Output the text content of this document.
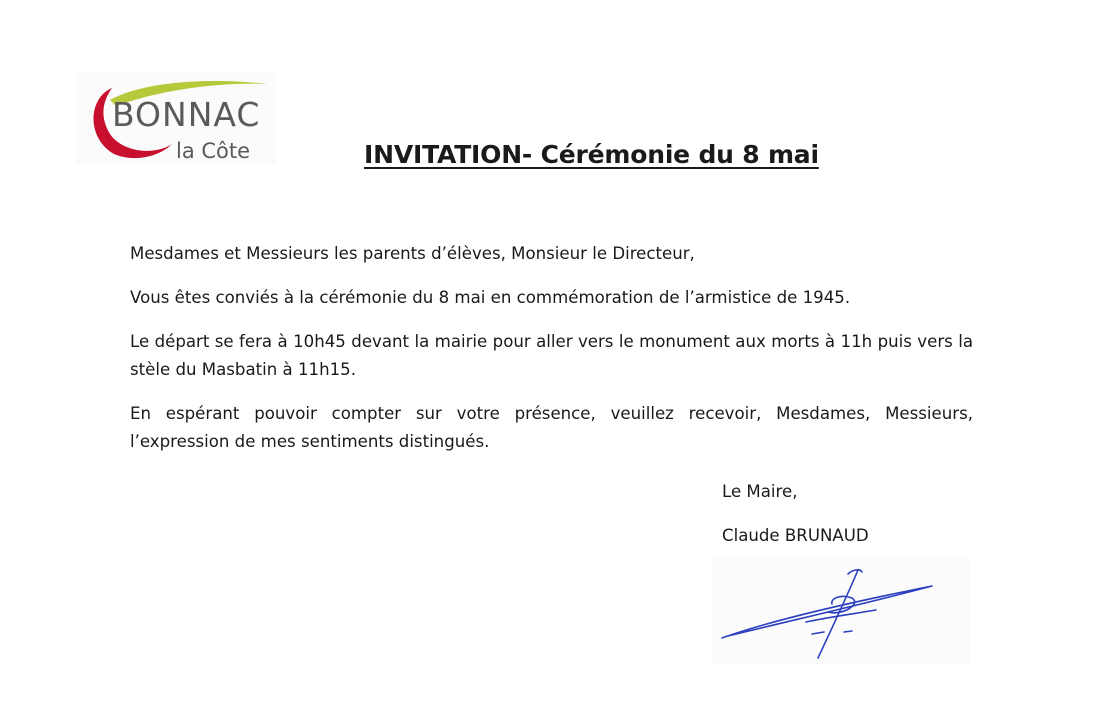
BONNAC
la Côte	INVITATION- Cérémonie du 8 mai

Mesdames et Messieurs les parents d’élèves, Monsieur le Directeur,

Vous êtes conviés à la cérémonie du 8 mai en commémoration de l’armistice de 1945.

Le départ se fera à 10h45 devant la mairie pour aller vers le monument aux morts à 11h puis vers la stèle du Masbatin à 11h15.

En espérant pouvoir compter sur votre présence, veuillez recevoir, Mesdames, Messieurs, l’expression de mes sentiments distingués.

Le Maire,

Claude BRUNAUD
